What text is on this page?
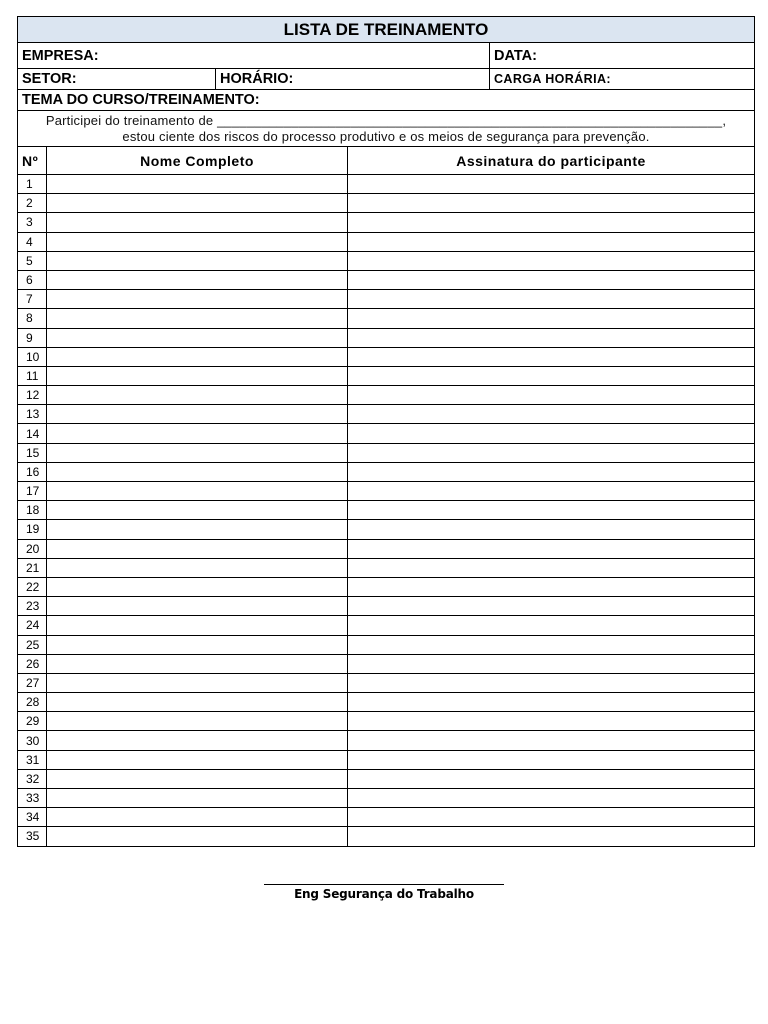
LISTA DE TREINAMENTO		
EMPRESA:		DATA:
SETOR:	HORÁRIO:	CARGA HORÁRIA:
TEMA DO CURSO/TREINAMENTO:		

Participei do treinamento de ____________________________________________________________________,
estou ciente dos riscos do processo produtivo e os meios de segurança para prevenção.		
Nº	Nome Completo	Assinatura do participante
1		
2		
3		
4		
5		
6		
7		
8		
9		
10		
11		
12		
13		
14		
15		
16		
17		
18		
19		
20		
21		
22		
23		
24		
25		
26		
27		
28		
29		
30		
31		
32		
33		
34		
35		
Eng Segurança do Trabalho
